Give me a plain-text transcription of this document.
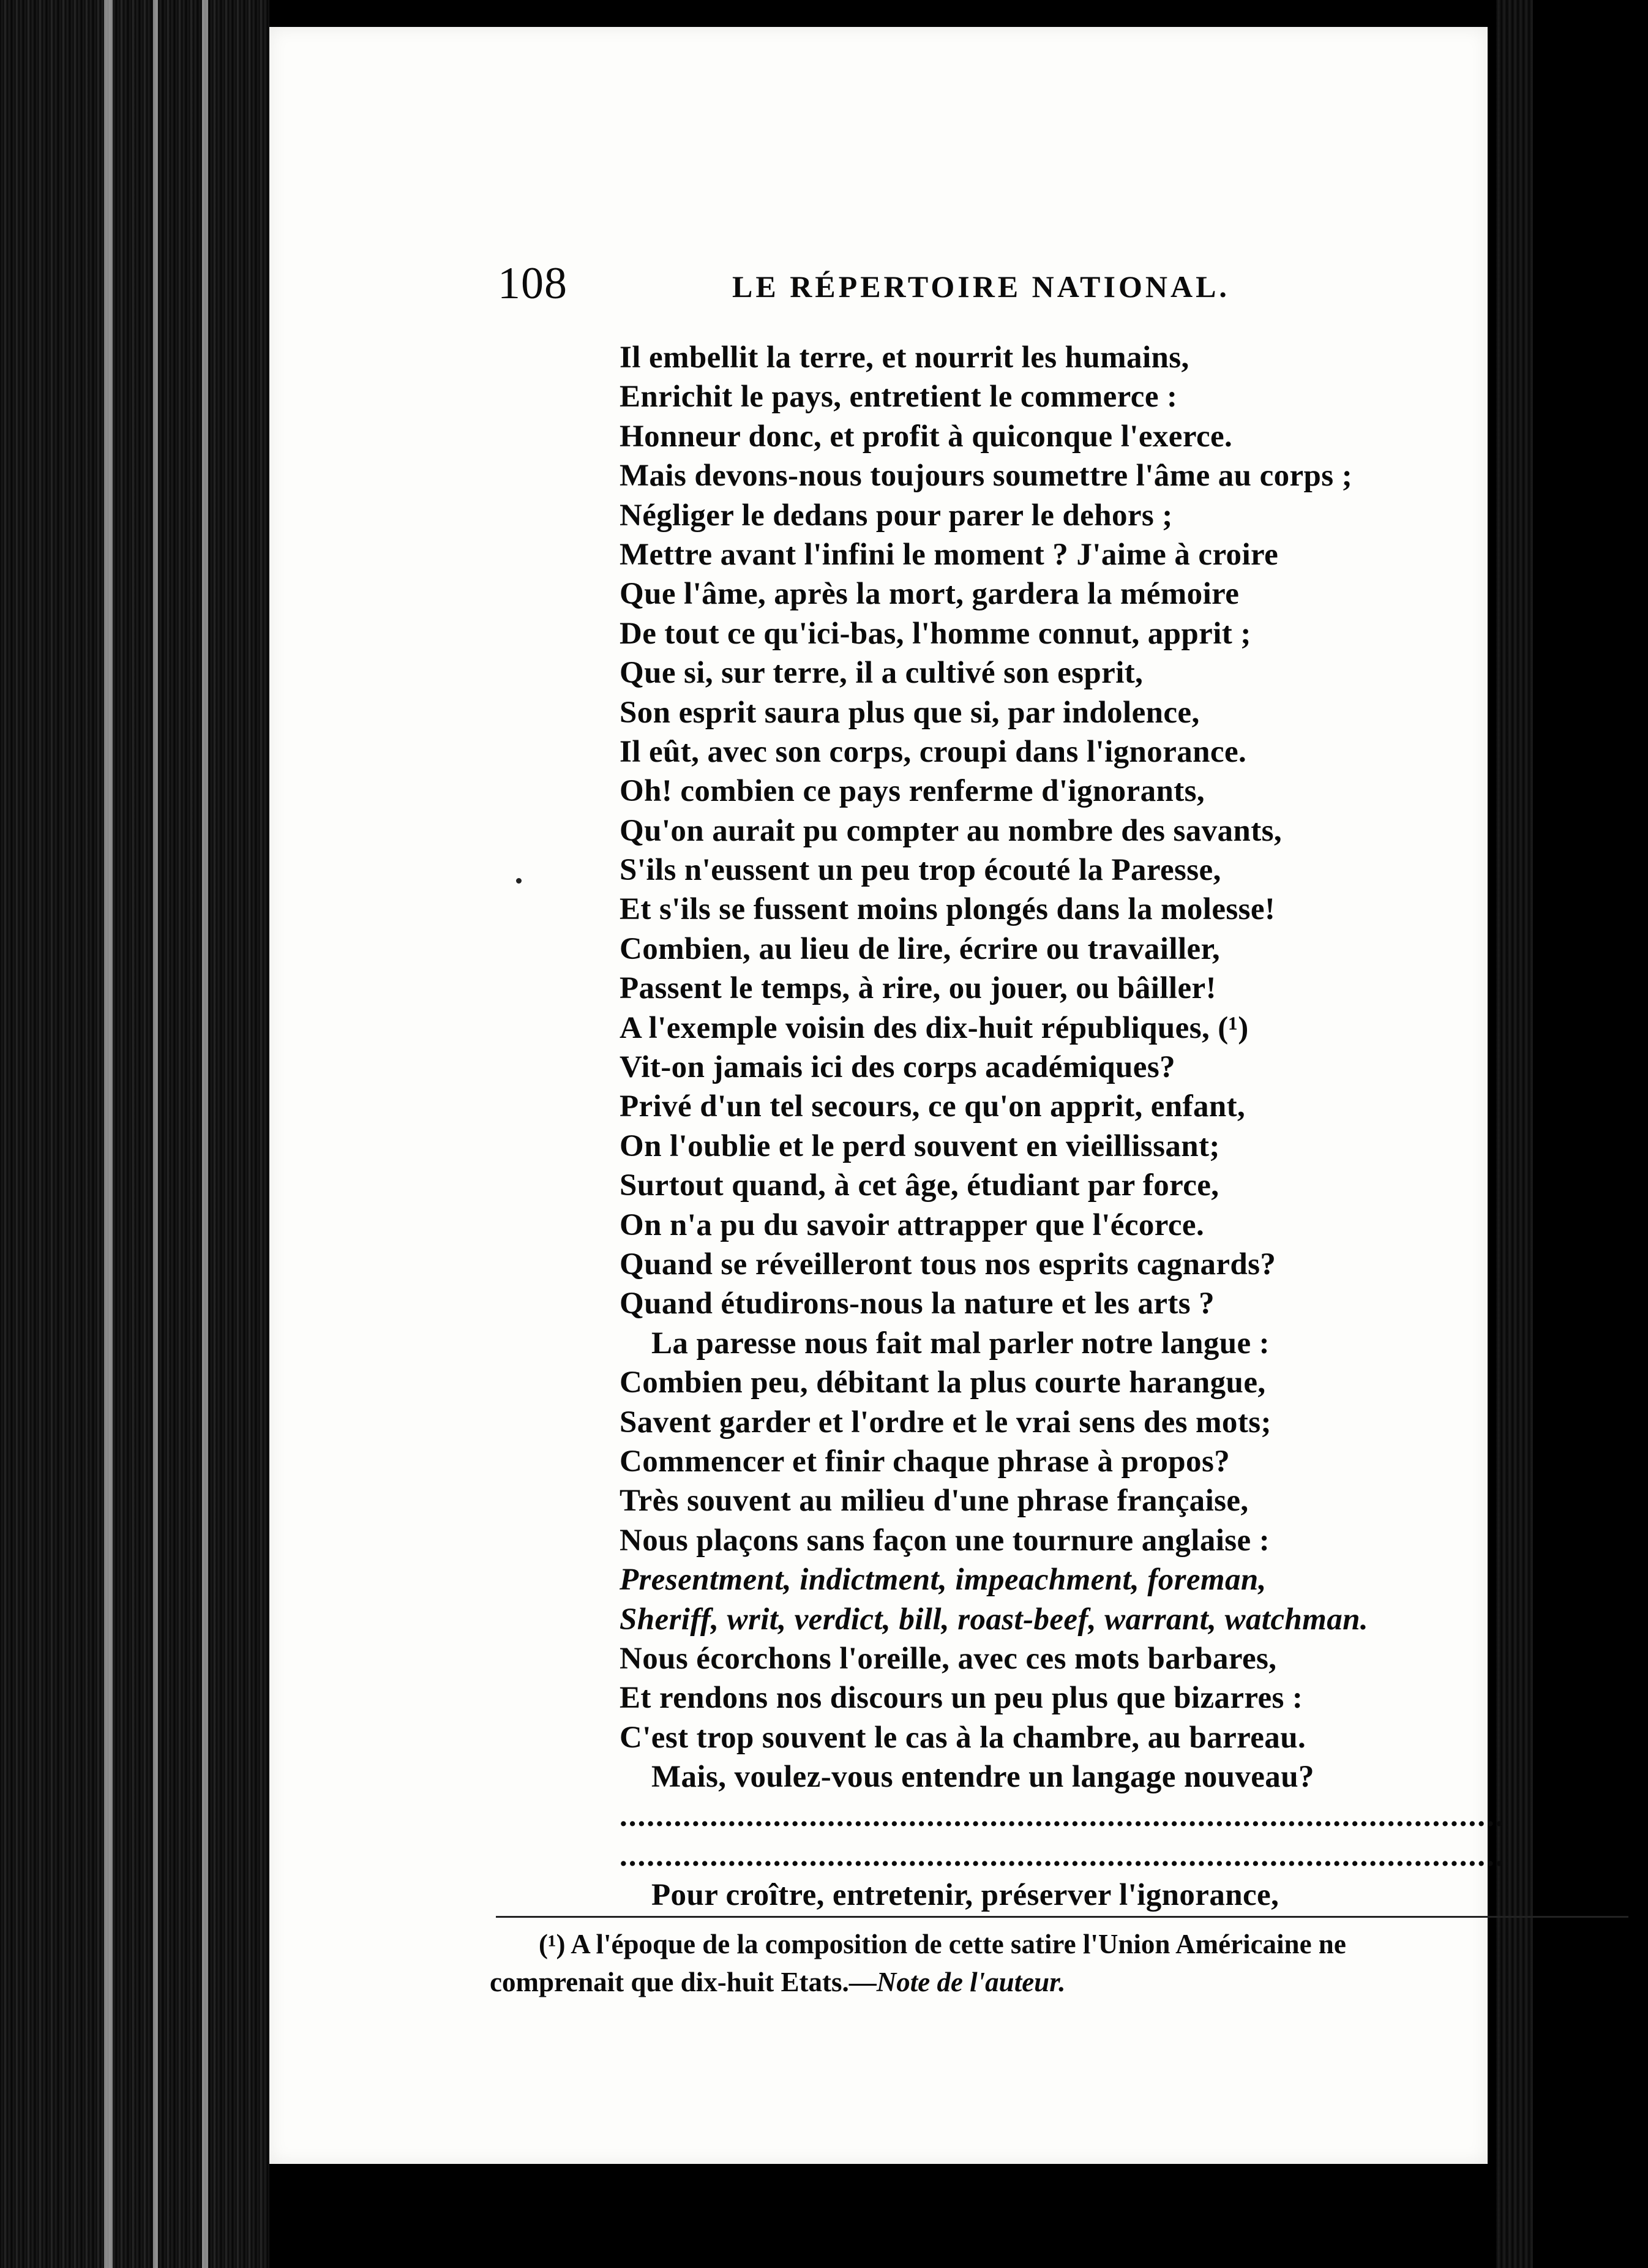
108	LE RÉPERTOIRE NATIONAL.
Il embellit la terre, et nourrit les humains,
Enrichit le pays, entretient le commerce :
Honneur donc, et profit à quiconque l'exerce.
Mais devons-nous toujours soumettre l'âme au corps ;
Négliger le dedans pour parer le dehors ;
Mettre avant l'infini le moment ? J'aime à croire
Que l'âme, après la mort, gardera la mémoire
De tout ce qu'ici-bas, l'homme connut, apprit ;
Que si, sur terre, il a cultivé son esprit,
Son esprit saura plus que si, par indolence,
Il eût, avec son corps, croupi dans l'ignorance.
Oh! combien ce pays renferme d'ignorants,
Qu'on aurait pu compter au nombre des savants,
S'ils n'eussent un peu trop écouté la Paresse,
Et s'ils se fussent moins plongés dans la molesse!
Combien, au lieu de lire, écrire ou travailler,
Passent le temps, à rire, ou jouer, ou bâiller!
A l'exemple voisin des dix-huit républiques, (¹)
Vit-on jamais ici des corps académiques?
Privé d'un tel secours, ce qu'on apprit, enfant,
On l'oublie et le perd souvent en vieillissant;
Surtout quand, à cet âge, étudiant par force,
On n'a pu du savoir attrapper que l'écorce.
Quand se réveilleront tous nos esprits cagnards?
Quand étudirons-nous la nature et les arts ?
La paresse nous fait mal parler notre langue :
Combien peu, débitant la plus courte harangue,
Savent garder et l'ordre et le vrai sens des mots;
Commencer et finir chaque phrase à propos?
Très souvent au milieu d'une phrase française,
Nous plaçons sans façon une tournure anglaise :
Presentment, indictment, impeachment, foreman,
Sheriff, writ, verdict, bill, roast-beef, warrant, watchman.
Nous écorchons l'oreille, avec ces mots barbares,
Et rendons nos discours un peu plus que bizarres :
C'est trop souvent le cas à la chambre, au barreau.
Mais, voulez-vous entendre un langage nouveau?
..................................................................................................
..................................................................................................
Pour croître, entretenir, préserver l'ignorance,
(¹) A l'époque de la composition de cette satire l'Union Américaine ne
comprenait que dix-huit Etats.—Note de l'auteur.
